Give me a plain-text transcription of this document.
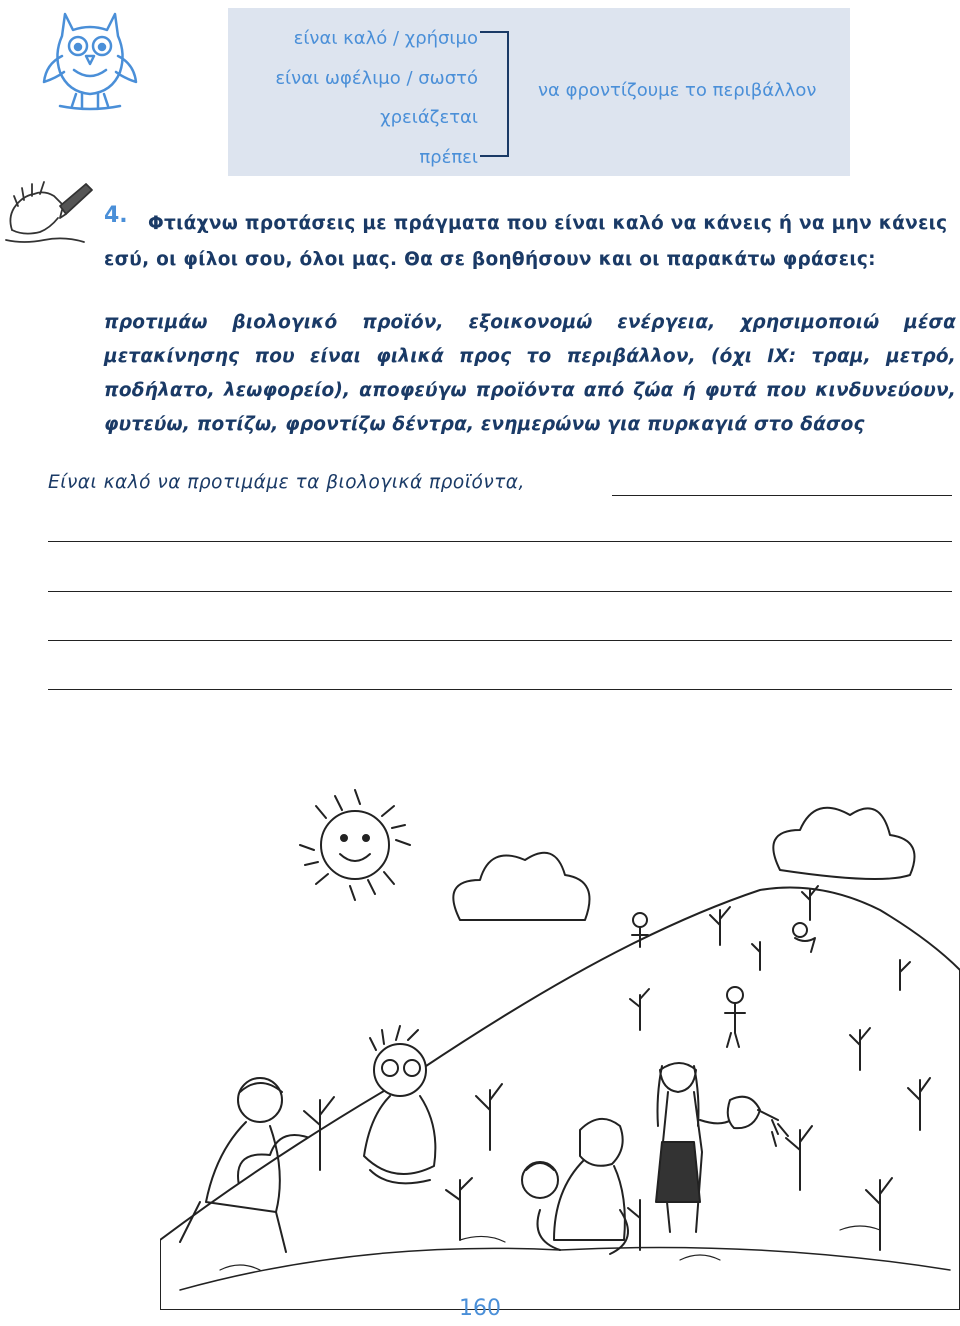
είναι καλό / χρήσιμο
είναι ωφέλιμο / σωστό
χρειάζεται
πρέπει
να φροντίζουμε το περιβάλλον
4.	Φτιάχνω προτάσεις με πράγματα που είναι καλό να κάνεις ή να μην κάνεις εσύ, οι φίλοι σου, όλοι μας. Θα σε βοηθήσουν και οι παρακάτω φράσεις:

προτιμάω βιολογικό προϊόν, εξοικονομώ ενέργεια, χρησιμοποιώ μέσα μετακίνησης που είναι φιλικά προς το περιβάλλον, (όχι ΙΧ: τραμ, μετρό, ποδήλατο, λεωφορείο), αποφεύγω προϊόντα από ζώα ή φυτά που κινδυνεύουν, φυτεύω, ποτίζω, φροντίζω δέντρα, ενημερώνω για πυρκαγιά στο δάσος

Είναι καλό να προτιμάμε τα βιολογικά προϊόντα,
160
